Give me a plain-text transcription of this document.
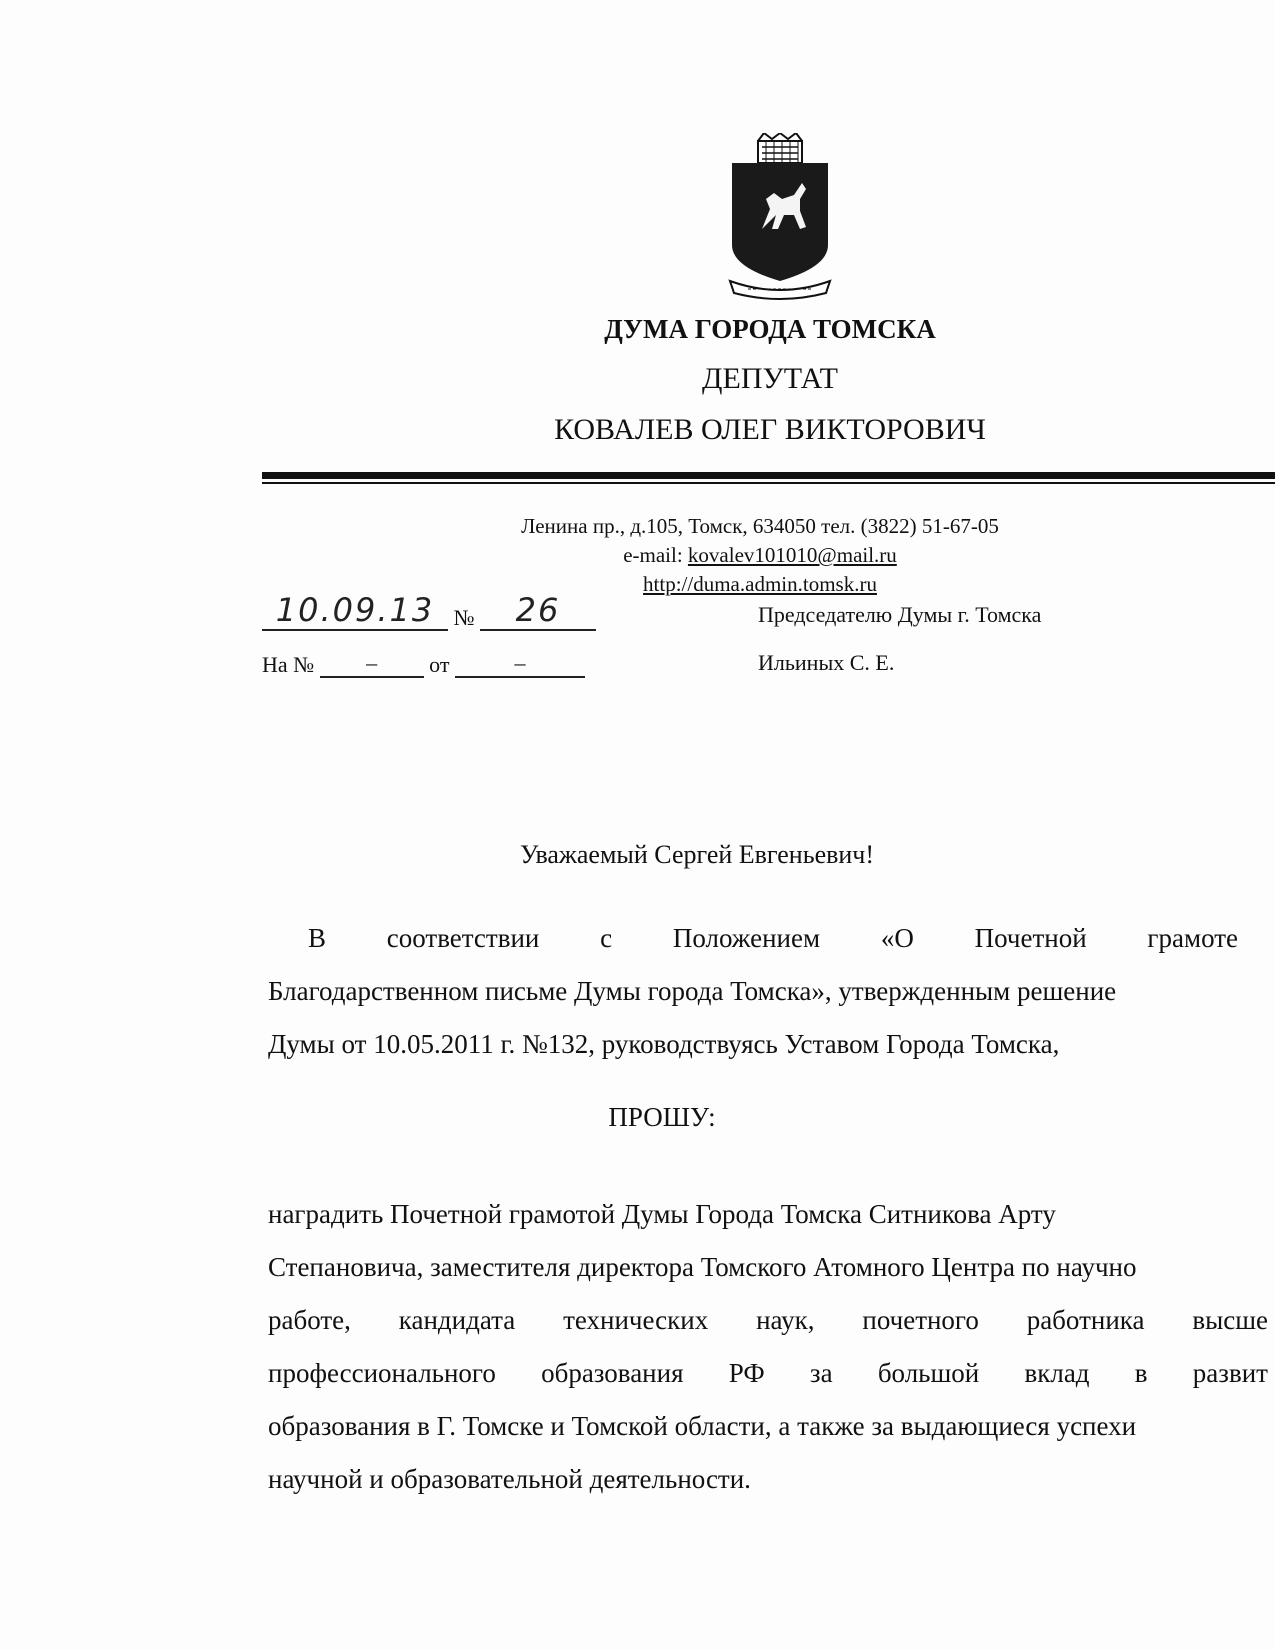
ДУМА ГОРОДА ТОМСКА
ДЕПУТАТ
КОВАЛЕВ ОЛЕГ ВИКТОРОВИЧ
Ленина пр., д.105, Томск, 634050 тел. (3822) 51-67-05
e-mail: kovalev101010@mail.ru
http://duma.admin.tomsk.ru
10.09.13 № 26
На № – от	–
Председателю Думы г. Томска
Ильиных С. Е.
Уважаемый Сергей Евгеньевич!
В соответствии с Положением «О Почетной грамоте
Благодарственном письме Думы города Томска», утвержденным решение
Думы от 10.05.2011 г. №132, руководствуясь Уставом Города Томска,
ПРОШУ:
наградить Почетной грамотой Думы Города Томска Ситникова Арту
Степановича, заместителя директора Томского Атомного Центра по научно
работе, кандидата технических наук, почетного работника высше
профессионального образования РФ за большой вклад в развит
образования в Г. Томске и Томской области, а также за выдающиеся успехи
научной и образовательной деятельности.
